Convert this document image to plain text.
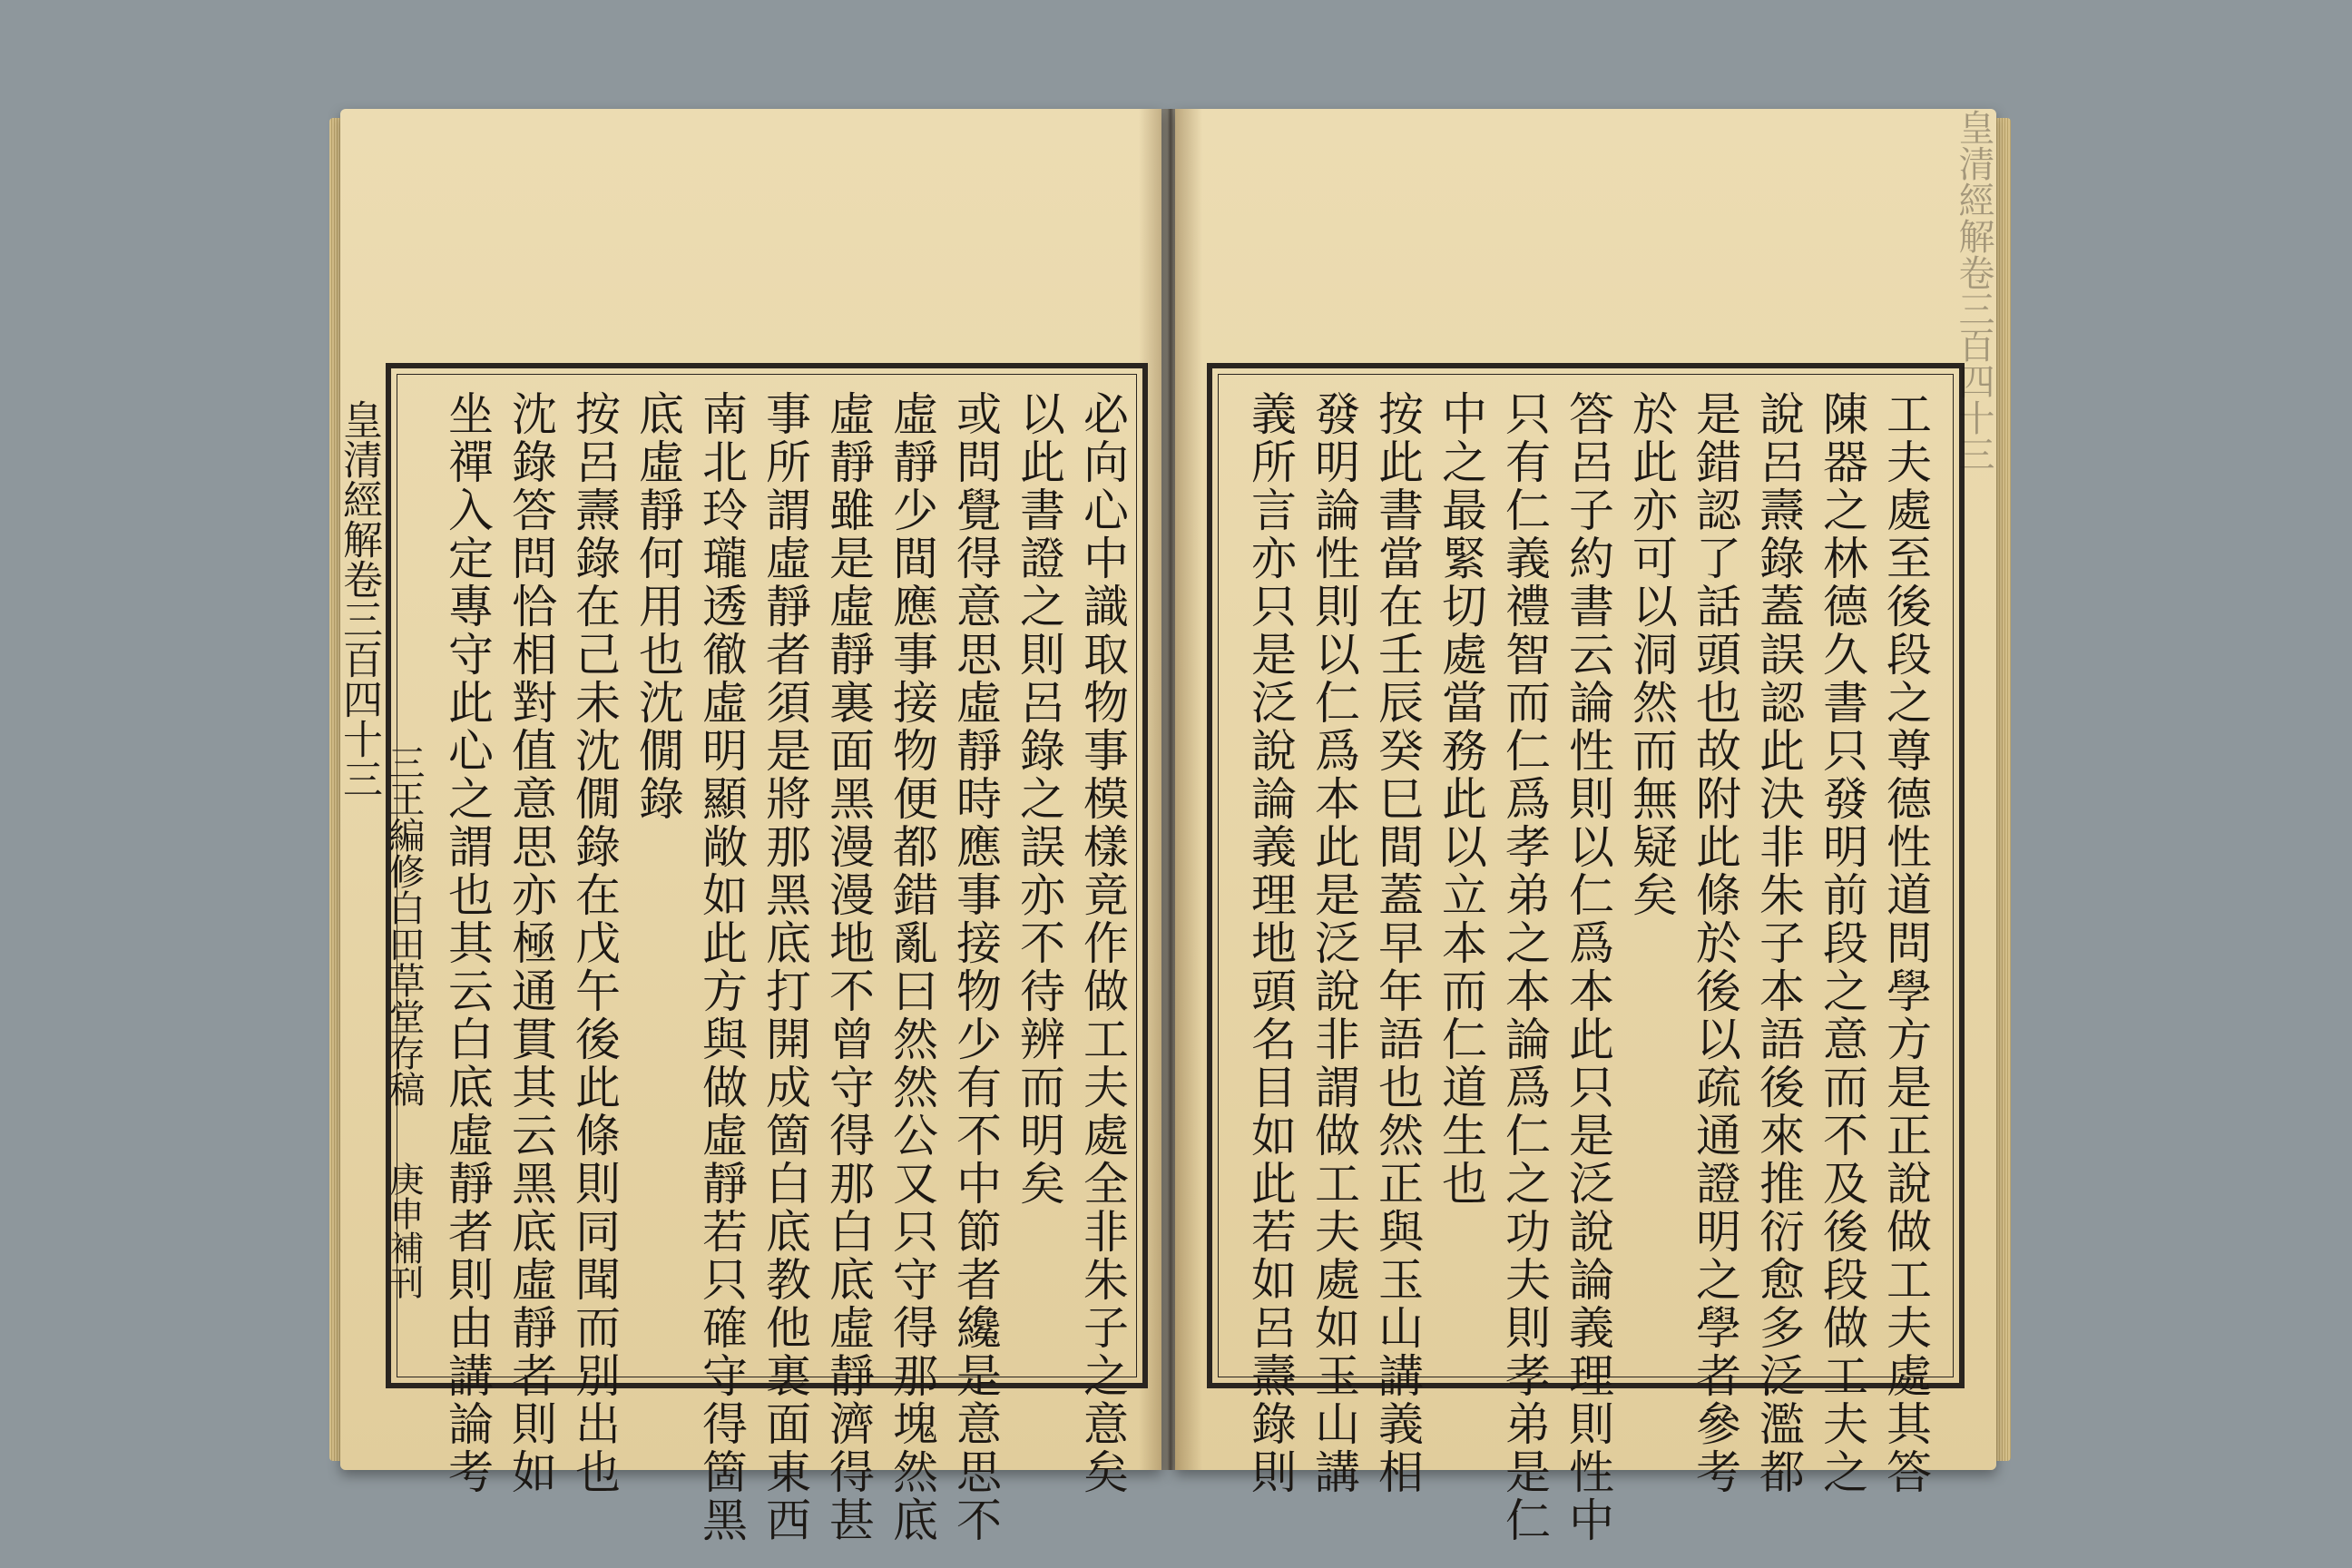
必向心中識取物事模樣竟作做工夫處全非朱子之意矣
以此書證之則呂錄之誤亦不待辨而明矣
或問覺得意思虛靜時應事接物少有不中節者纔是意思不
虛靜少間應事接物便都錯亂曰然然公又只守得那塊然底
虛靜雖是虛靜裏面黑漫漫地不曾守得那白底虛靜濟得甚
事所謂虛靜者須是將那黑底打開成箇白底教他裏面東西
南北玲瓏透徹虛明顯敞如此方與做虛靜若只確守得箇黑
底虛靜何用也沈僩錄
按呂燾錄在己未沈僩錄在戊午後此條則同聞而別出也
沈錄答問恰相對值意思亦極通貫其云黑底虛靜者則如
坐禪入定專守此心之謂也其云白底虛靜者則由講論考
皇清經解卷三百四十三
三王編修白田草堂存稿
庚申補刊	工夫處至後段之尊德性道問學方是正說做工夫處其答
陳器之林德久書只發明前段之意而不及後段做工夫之
說呂燾錄蓋誤認此決非朱子本語後來推衍愈多泛濫都
是錯認了話頭也故附此條於後以疏通證明之學者參考
於此亦可以洞然而無疑矣
答呂子約書云論性則以仁爲本此只是泛說論義理則性中
只有仁義禮智而仁爲孝弟之本論爲仁之功夫則孝弟是仁
中之最緊切處當務此以立本而仁道生也
按此書當在壬辰癸巳間蓋早年語也然正與玉山講義相
發明論性則以仁爲本此是泛說非謂做工夫處如玉山講
義所言亦只是泛說論義理地頭名目如此若如呂燾錄則
皇清經解卷三百四十三
